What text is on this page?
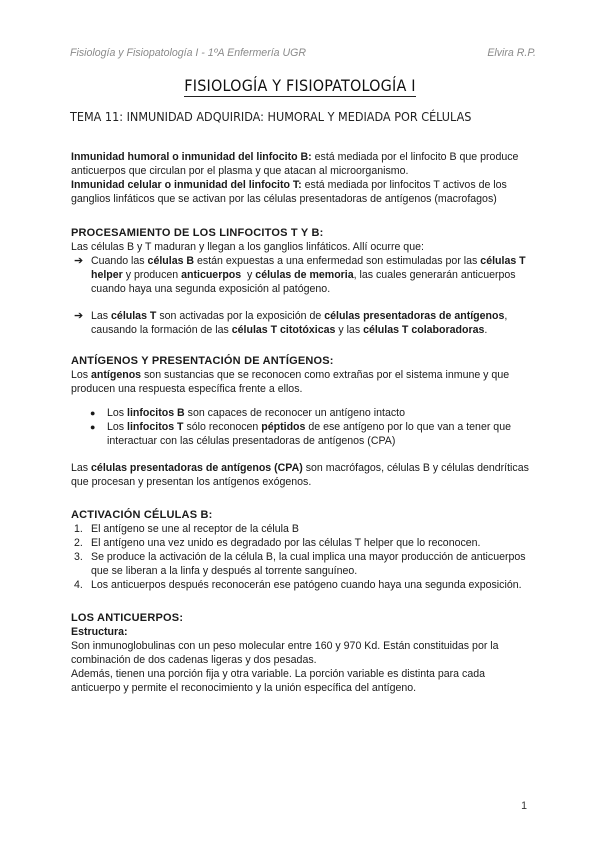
Fisiología y Fisiopatología I - 1ºA Enfermería UGR	Elvira R.P.
FISIOLOGÍA Y FISIOPATOLOGÍA I
TEMA 11: INMUNIDAD ADQUIRIDA: HUMORAL Y MEDIADA POR CÉLULAS

Inmunidad humoral o inmunidad del linfocito B: está mediada por el linfocito B que produce anticuerpos que circulan por el plasma y que atacan al microorganismo.

Inmunidad celular o inmunidad del linfocito T: está mediada por linfocitos T activos de los ganglios linfáticos que se activan por las células presentadoras de antígenos (macrofagos)

PROCESAMIENTO DE LOS LINFOCITOS T Y B:

Las células B y T maduran y llegan a los ganglios linfáticos. Allí ocurre que:

➔ Cuando las células B están expuestas a una enfermedad son estimuladas por las células T helper y producen anticuerpos  y células de memoria, las cuales generarán anticuerpos cuando haya una segunda exposición al patógeno.
➔ Las células T son activadas por la exposición de células presentadoras de antígenos, causando la formación de las células T citotóxicas y las células T colaboradoras.

ANTÍGENOS Y PRESENTACIÓN DE ANTÍGENOS:

Los antígenos son sustancias que se reconocen como extrañas por el sistema inmune y que producen una respuesta específica frente a ellos.

● Los linfocitos B son capaces de reconocer un antígeno intacto
● Los linfocitos T sólo reconocen péptidos de ese antígeno por lo que van a tener que interactuar con las células presentadoras de antígenos (CPA)

Las células presentadoras de antígenos (CPA) son macrófagos, células B y células dendríticas que procesan y presentan los antígenos exógenos.

ACTIVACIÓN CÉLULAS B:

1. El antígeno se une al receptor de la célula B
2. El antígeno una vez unido es degradado por las células T helper que lo reconocen.
3. Se produce la activación de la célula B, la cual implica una mayor producción de anticuerpos que se liberan a la linfa y después al torrente sanguíneo.
4. Los anticuerpos después reconocerán ese patógeno cuando haya una segunda exposición.

LOS ANTICUERPOS:

Estructura:

Son inmunoglobulinas con un peso molecular entre 160 y 970 Kd. Están constituidas por la combinación de dos cadenas ligeras y dos pesadas.

Además, tienen una porción fija y otra variable. La porción variable es distinta para cada anticuerpo y permite el reconocimiento y la unión específica del antígeno.

1
